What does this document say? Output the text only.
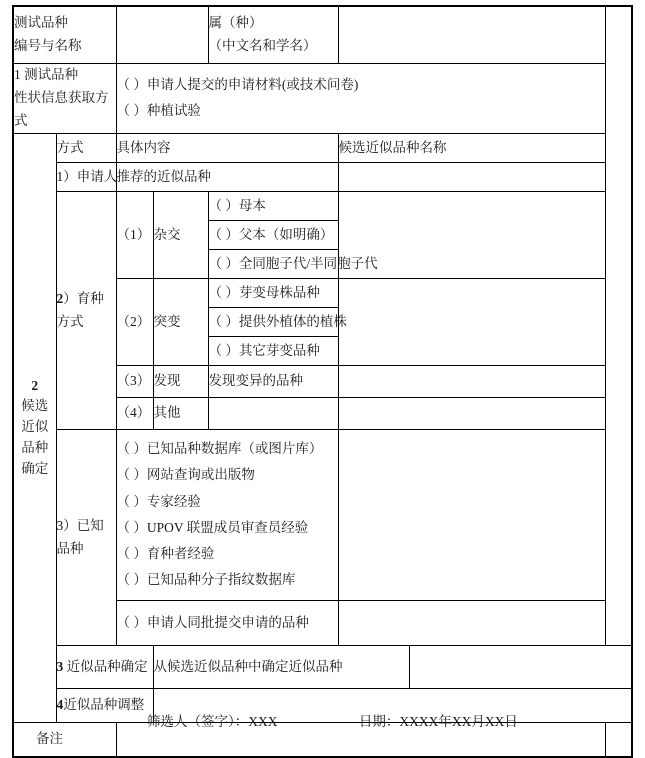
测试品种
编号与名称				属（种）
（中文名和学名）		

1 测试品种
性状信息获取方式		（ ）申请人提交的申请材料(或技术问卷)
（ ）种植试验				

2
候选
近似
品种
确定	方式	具体内容			候选近似品种名称	
	1）申请人	推荐的近似品种				

	2）育种
方式	（1）	杂交	（ ）母本		
				（ ）父本（如明确）		
				（ ）全同胞子代/半同胞子代		
		（2）	突变	（ ）芽变母株品种		
				（ ）提供外植体的植株		
				（ ）其它芽变品种		
		（3）	发现	发现变异的品种		
		（4）	其他			

3）已知
品种

（ ）已知品种数据库（或图片库）
（ ）网站查询或出版物
（ ）专家经验
（ ）UPOV 联盟成员审查员经验
（ ）育种者经验
（ ）已知品种分子指纹数据库

		（ ）申请人同批提交申请的品种				
	3 近似品种确定		从候选近似品种中确定近似品种			
	4近似品种调整					
备注						
筛选人（签字）：XXX	日期：XXXX年XX月XX日
